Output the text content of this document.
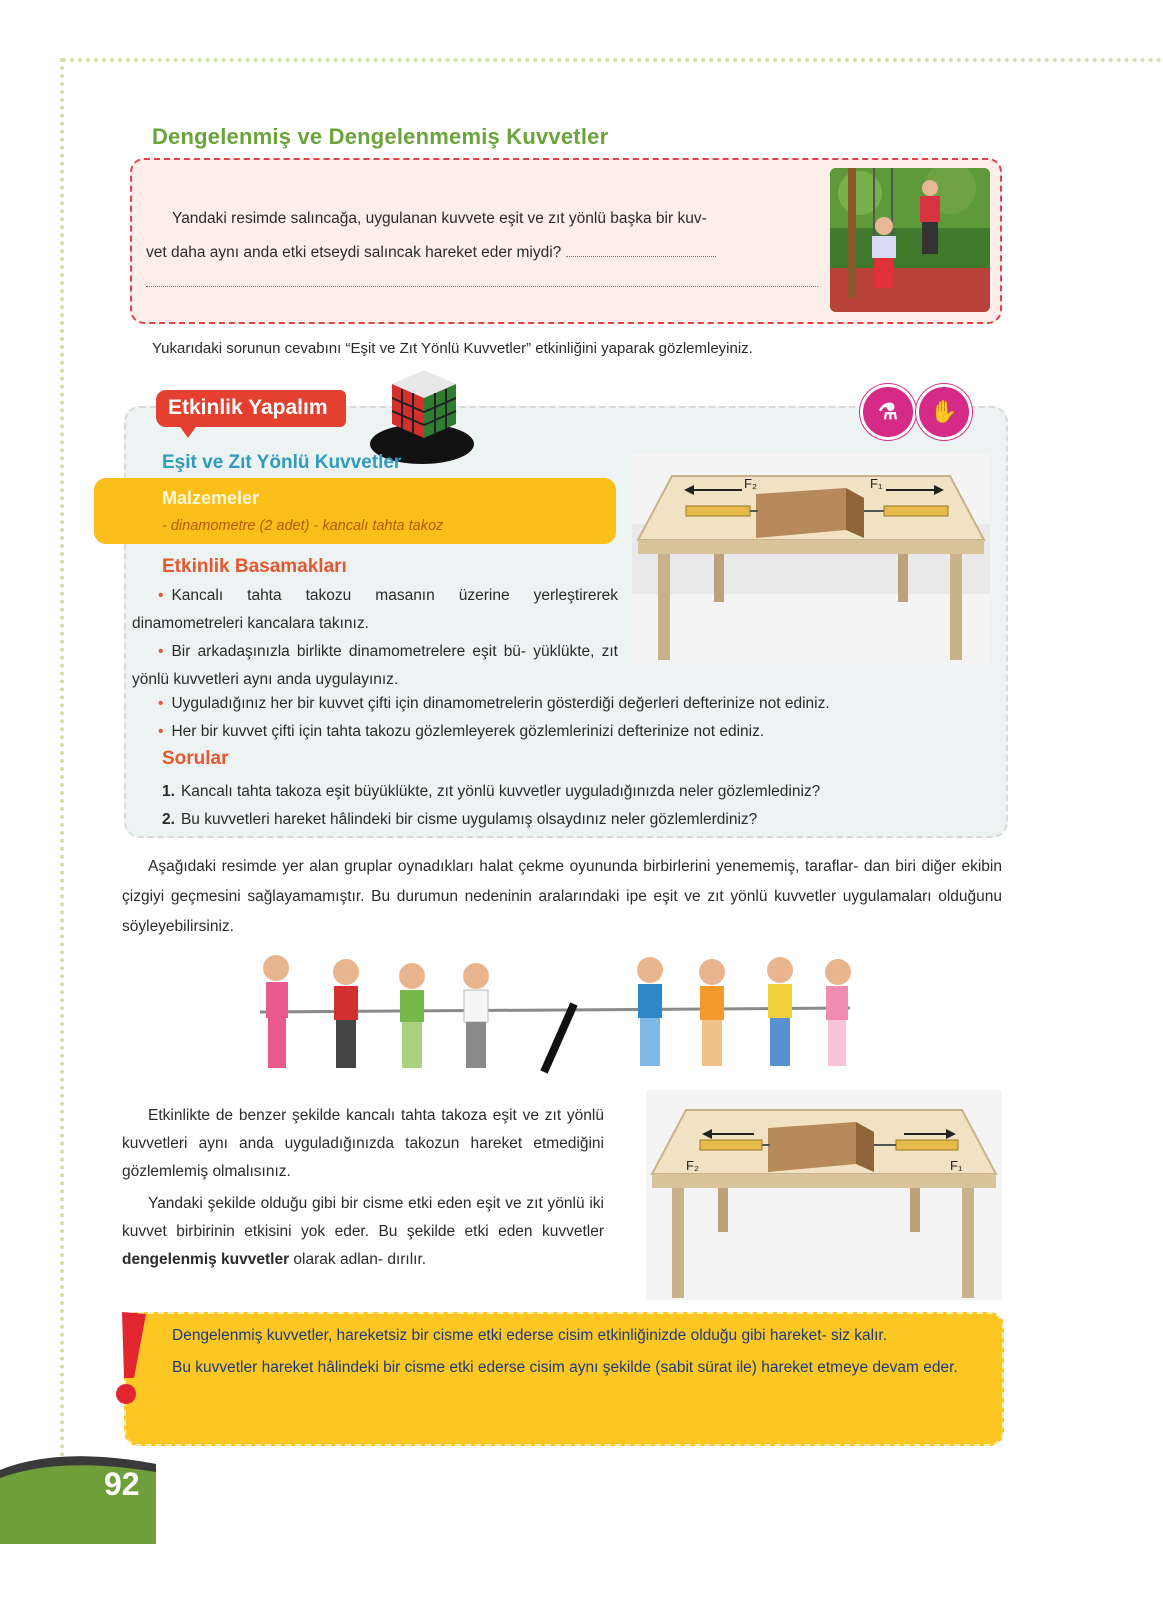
Dengelenmiş ve Dengelenmemiş Kuvvetler
Yandaki resimde salıncağa, uygulanan kuvvete eşit ve zıt yönlü başka bir kuv-
vet daha aynı anda etki etseydi salıncak hareket eder miydi?
Yukarıdaki sorunun cevabını “Eşit ve Zıt Yönlü Kuvvetler” etkinliğini yaparak gözlemleyiniz.
Etkinlik Yapalım	⚗	✋
Eşit ve Zıt Yönlü Kuvvetler
Malzemeler
- dinamometre (2 adet) - kancalı tahta takoz
Etkinlik Basamakları
• Kancalı tahta takozu masanın üzerine yerleştirerek dinamometreleri kancalara takınız.
• Bir arkadaşınızla birlikte dinamometrelere eşit bü- yüklükte, zıt yönlü kuvvetleri aynı anda uygulayınız.
• Uyguladığınız her bir kuvvet çifti için dinamometrelerin gösterdiği değerleri defterinize not ediniz.
• Her bir kuvvet çifti için tahta takozu gözlemleyerek gözlemlerinizi defterinize not ediniz.
Sorular
1. Kancalı tahta takoza eşit büyüklükte, zıt yönlü kuvvetler uyguladığınızda neler gözlemlediniz?
2. Bu kuvvetleri hareket hâlindeki bir cisme uygulamış olsaydınız neler gözlemlerdiniz?
F₂	F₁
Aşağıdaki resimde yer alan gruplar oynadıkları halat çekme oyununda birbirlerini yenememiş, taraflar- dan biri diğer ekibin çizgiyi geçmesini sağlayamamıştır. Bu durumun nedeninin aralarındaki ipe eşit ve zıt yönlü kuvvetler uygulamaları olduğunu söyleyebilirsiniz.
Etkinlikte de benzer şekilde kancalı tahta takoza eşit ve zıt yönlü kuvvetleri aynı anda uyguladığınızda takozun hareket etmediğini gözlemlemiş olmalısınız.
Yandaki şekilde olduğu gibi bir cisme etki eden eşit ve zıt yönlü iki kuvvet birbirinin etkisini yok eder. Bu şekilde etki eden kuvvetler dengelenmiş kuvvetler olarak adlan- dırılır.
F₂	F₁
Dengelenmiş kuvvetler, hareketsiz bir cisme etki ederse cisim etkinliğinizde olduğu gibi hareket- siz kalır.
Bu kuvvetler hareket hâlindeki bir cisme etki ederse cisim aynı şekilde (sabit sürat ile) hareket etmeye devam eder.
92
